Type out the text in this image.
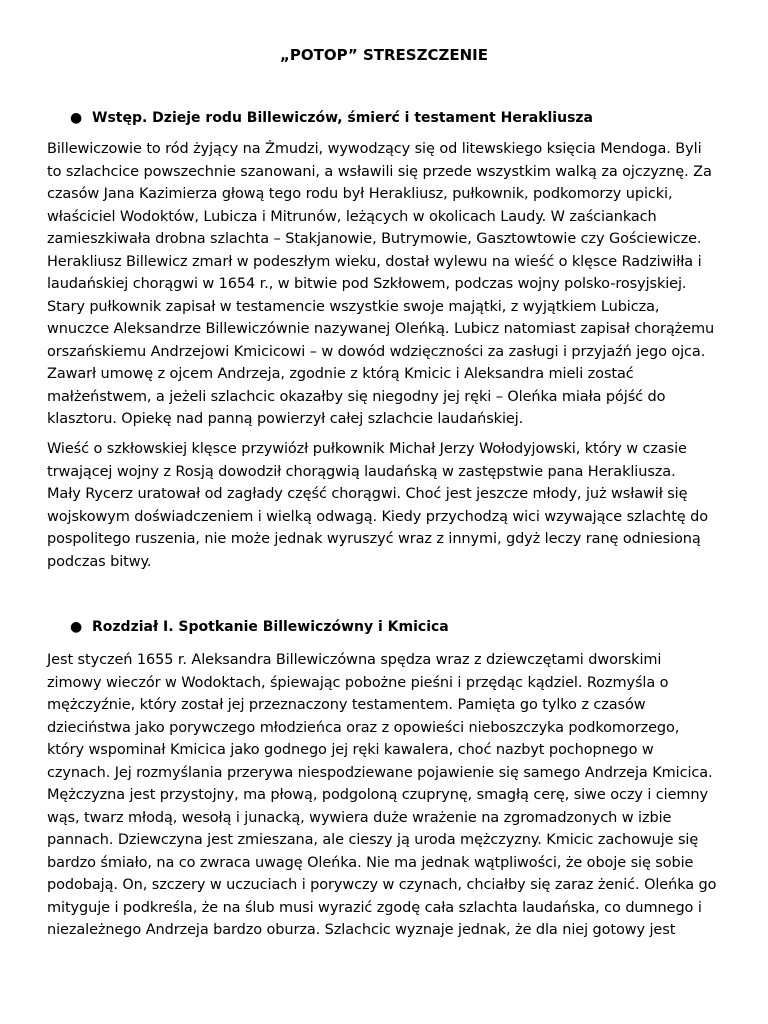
„POTOP” STRESZCZENIE
● Wstęp. Dzieje rodu Billewiczów, śmierć i testament Herakliusza

Billewiczowie to ród żyjący na Żmudzi, wywodzący się od litewskiego księcia Mendoga. Byli
to szlachcice powszechnie szanowani, a wsławili się przede wszystkim walką za ojczyznę. Za
czasów Jana Kazimierza głową tego rodu był Herakliusz, pułkownik, podkomorzy upicki,
właściciel Wodoktów, Lubicza i Mitrunów, leżących w okolicach Laudy. W zaściankach
zamieszkiwała drobna szlachta – Stakjanowie, Butrymowie, Gasztowtowie czy Gościewicze.
Herakliusz Billewicz zmarł w podeszłym wieku, dostał wylewu na wieść o klęsce Radziwiłła i
laudańskiej chorągwi w 1654 r., w bitwie pod Szkłowem, podczas wojny polsko-rosyjskiej.
Stary pułkownik zapisał w testamencie wszystkie swoje majątki, z wyjątkiem Lubicza,
wnuczce Aleksandrze Billewiczównie nazywanej Oleńką. Lubicz natomiast zapisał chorążemu
orszańskiemu Andrzejowi Kmicicowi – w dowód wdzięczności za zasługi i przyjaźń jego ojca.
Zawarł umowę z ojcem Andrzeja, zgodnie z którą Kmicic i Aleksandra mieli zostać
małżeństwem, a jeżeli szlachcic okazałby się niegodny jej ręki – Oleńka miała pójść do
klasztoru. Opiekę nad panną powierzył całej szlachcie laudańskiej.

Wieść o szkłowskiej klęsce przywiózł pułkownik Michał Jerzy Wołodyjowski, który w czasie
trwającej wojny z Rosją dowodził chorągwią laudańską w zastępstwie pana Herakliusza.
Mały Rycerz uratował od zagłady część chorągwi. Choć jest jeszcze młody, już wsławił się
wojskowym doświadczeniem i wielką odwagą. Kiedy przychodzą wici wzywające szlachtę do
pospolitego ruszenia, nie może jednak wyruszyć wraz z innymi, gdyż leczy ranę odniesioną
podczas bitwy.

● Rozdział I. Spotkanie Billewiczówny i Kmicica

Jest styczeń 1655 r. Aleksandra Billewiczówna spędza wraz z dziewczętami dworskimi
zimowy wieczór w Wodoktach, śpiewając pobożne pieśni i przędąc kądziel. Rozmyśla o
mężczyźnie, który został jej przeznaczony testamentem. Pamięta go tylko z czasów
dzieciństwa jako porywczego młodzieńca oraz z opowieści nieboszczyka podkomorzego,
który wspominał Kmicica jako godnego jej ręki kawalera, choć nazbyt pochopnego w
czynach. Jej rozmyślania przerywa niespodziewane pojawienie się samego Andrzeja Kmicica.
Mężczyzna jest przystojny, ma płową, podgoloną czuprynę, smagłą cerę, siwe oczy i ciemny
wąs, twarz młodą, wesołą i junacką, wywiera duże wrażenie na zgromadzonych w izbie
pannach. Dziewczyna jest zmieszana, ale cieszy ją uroda mężczyzny. Kmicic zachowuje się
bardzo śmiało, na co zwraca uwagę Oleńka. Nie ma jednak wątpliwości, że oboje się sobie
podobają. On, szczery w uczuciach i porywczy w czynach, chciałby się zaraz żenić. Oleńka go
mityguje i podkreśla, że na ślub musi wyrazić zgodę cała szlachta laudańska, co dumnego i
niezależnego Andrzeja bardzo oburza. Szlachcic wyznaje jednak, że dla niej gotowy jest
